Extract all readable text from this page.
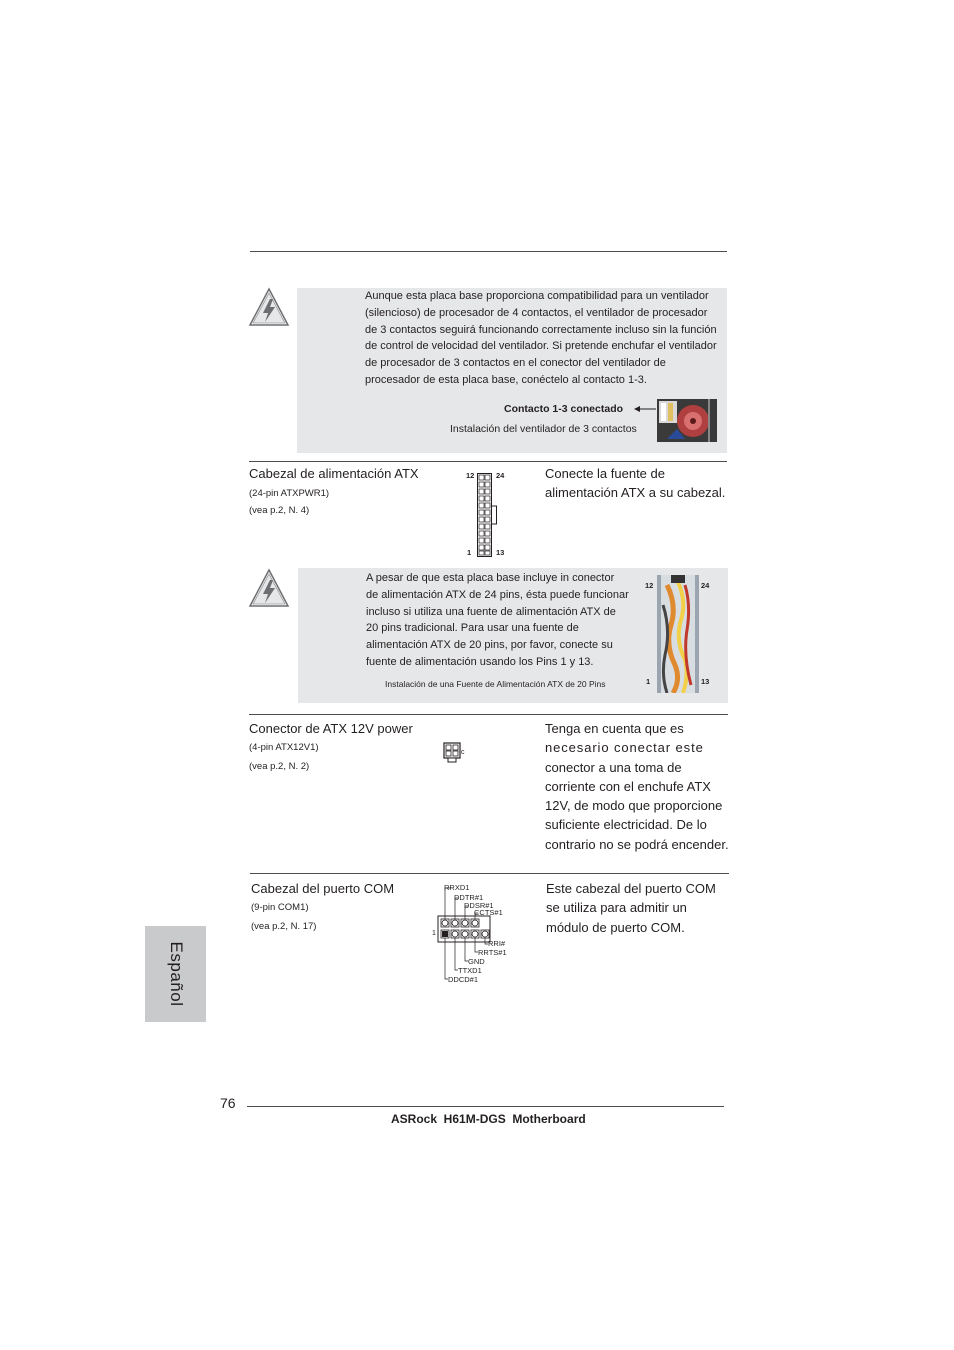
Aunque esta placa base proporciona compatibilidad para un ventilador
(silencioso) de procesador de 4 contactos, el ventilador de procesador
de 3 contactos seguirá funcionando correctamente incluso sin la función
de control de velocidad del ventilador. Si pretende enchufar el ventilador
de procesador de 3 contactos en el conector del ventilador de
procesador de esta placa base, conéctelo al contacto 1-3.
Contacto 1-3 conectado
Instalación del ventilador de 3 contactos
Cabezal de alimentación ATX
(24-pin ATXPWR1)
(vea p.2, N. 4)
12	24
1	13
Conecte la fuente de
alimentación ATX a su cabezal.
A pesar de que esta placa base incluye in conector
de alimentación ATX de 24 pins, ésta puede funcionar
incluso si utiliza una fuente de alimentación ATX de
20 pins tradicional. Para usar una fuente de
alimentación ATX de 20 pins, por favor, conecte su
fuente de alimentación usando los Pins 1 y 13.
Instalación de una Fuente de Alimentación ATX de 20 Pins
12	24
1	13
Conector de ATX 12V power
(4-pin ATX12V1)
(vea p.2, N. 2)
c
Tenga en cuenta que es
necesario conectar este
conector a una toma de
corriente con el enchufe ATX
12V, de modo que proporcione
suficiente electricidad. De lo
contrario no se podrá encender.
Cabezal del puerto COM
(9-pin COM1)
(vea p.2, N. 17)
1
RRXD1
DDTR#1
DDSR#1
CCTS#1
RRI#
RRTS#1
GND
TTXD1
DDCD#1
Este cabezal del puerto COM
se utiliza para admitir un
módulo de puerto COM.
Español
76
ASRock  H61M-DGS  Motherboard
